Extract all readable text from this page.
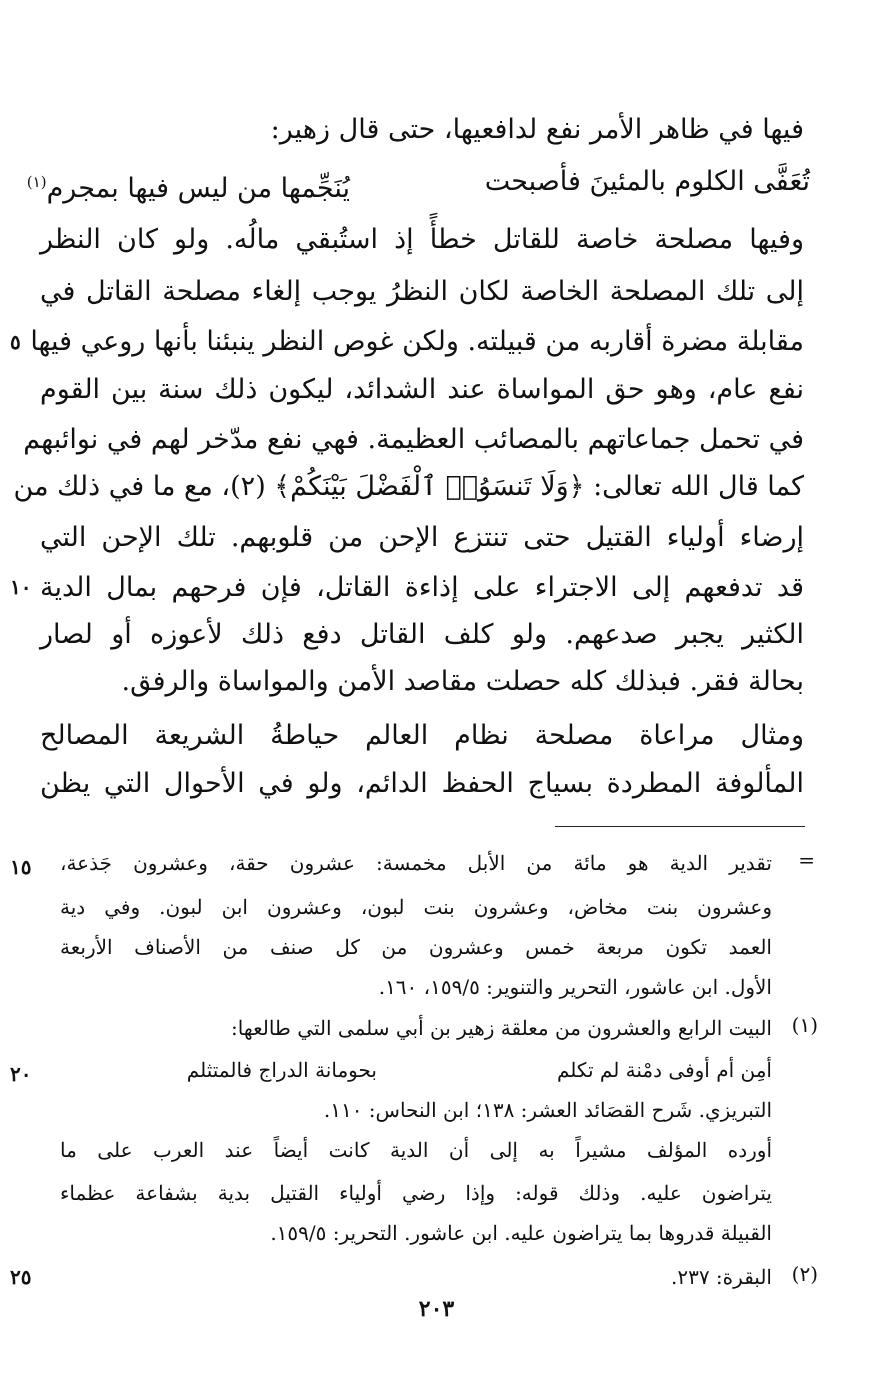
فيها في ظاهر الأمر نفع لدافعيها، حتى قال زهير:
تُعَفَّى الكلوم بالمئينَ فأصبحت
يُنَجِّمها من ليس فيها بمجرم$^{(١)}$
وفيها مصلحة خاصة للقاتل خطأً إذ استُبقي مالُه. ولو كان النظر
إلى تلك المصلحة الخاصة لكان النظرُ يوجب إلغاء مصلحة القاتل في
مقابلة مضرة أقاربه من قبيلته. ولكن غوص النظر ينبئنا بأنها روعي فيها
٥
نفع عام، وهو حق المواساة عند الشدائد، ليكون ذلك سنة بين القوم
في تحمل جماعاتهم بالمصائب العظيمة. فهي نفع مدّخر لهم في نوائبهم
كما قال الله تعالى: ﴿وَلَا تَنسَوُا۟ ٱلْفَضْلَ بَيْنَكُمْ﴾ (٢)، مع ما في ذلك من
إرضاء أولياء القتيل حتى تنتزع الإحن من قلوبهم. تلك الإحن التي
قد تدفعهم إلى الاجتراء على إذاءة القاتل، فإن فرحهم بمال الدية
١٠
الكثير يجبر صدعهم. ولو كلف القاتل دفع ذلك لأعوزه أو لصار
بحالة فقر. فبذلك كله حصلت مقاصد الأمن والمواساة والرفق.
ومثال مراعاة مصلحة نظام العالم حياطةُ الشريعة المصالح
المألوفة المطردة بسياج الحفظ الدائم، ولو في الأحوال التي يظن
=
تقدير الدية هو مائة من الأبل مخمسة: عشرون حقة، وعشرون جَذعة،
١٥
وعشرون بنت مخاض، وعشرون بنت لبون، وعشرون ابن لبون. وفي دية
العمد تكون مربعة خمس وعشرون من كل صنف من الأصناف الأربعة
الأول. ابن عاشور، التحرير والتنوير: ١٥٩/٥، ١٦٠.
(١)
البيت الرابع والعشرون من معلقة زهير بن أبي سلمى التي طالعها:
أمِن أم أوفى دمْنة لم تكلم
بحومانة الدراج فالمتثلم
٢٠
التبريزي. شَرح القصَائد العشر: ١٣٨؛ ابن النحاس: ١١٠.
أورده المؤلف مشيراً به إلى أن الدية كانت أيضاً عند العرب على ما
يتراضون عليه. وذلك قوله: وإذا رضي أولياء القتيل بدية بشفاعة عظماء
القبيلة قدروها بما يتراضون عليه. ابن عاشور. التحرير: ١٥٩/٥.
(٢)
البقرة: ٢٣٧.
٢٥
٢٠٣
